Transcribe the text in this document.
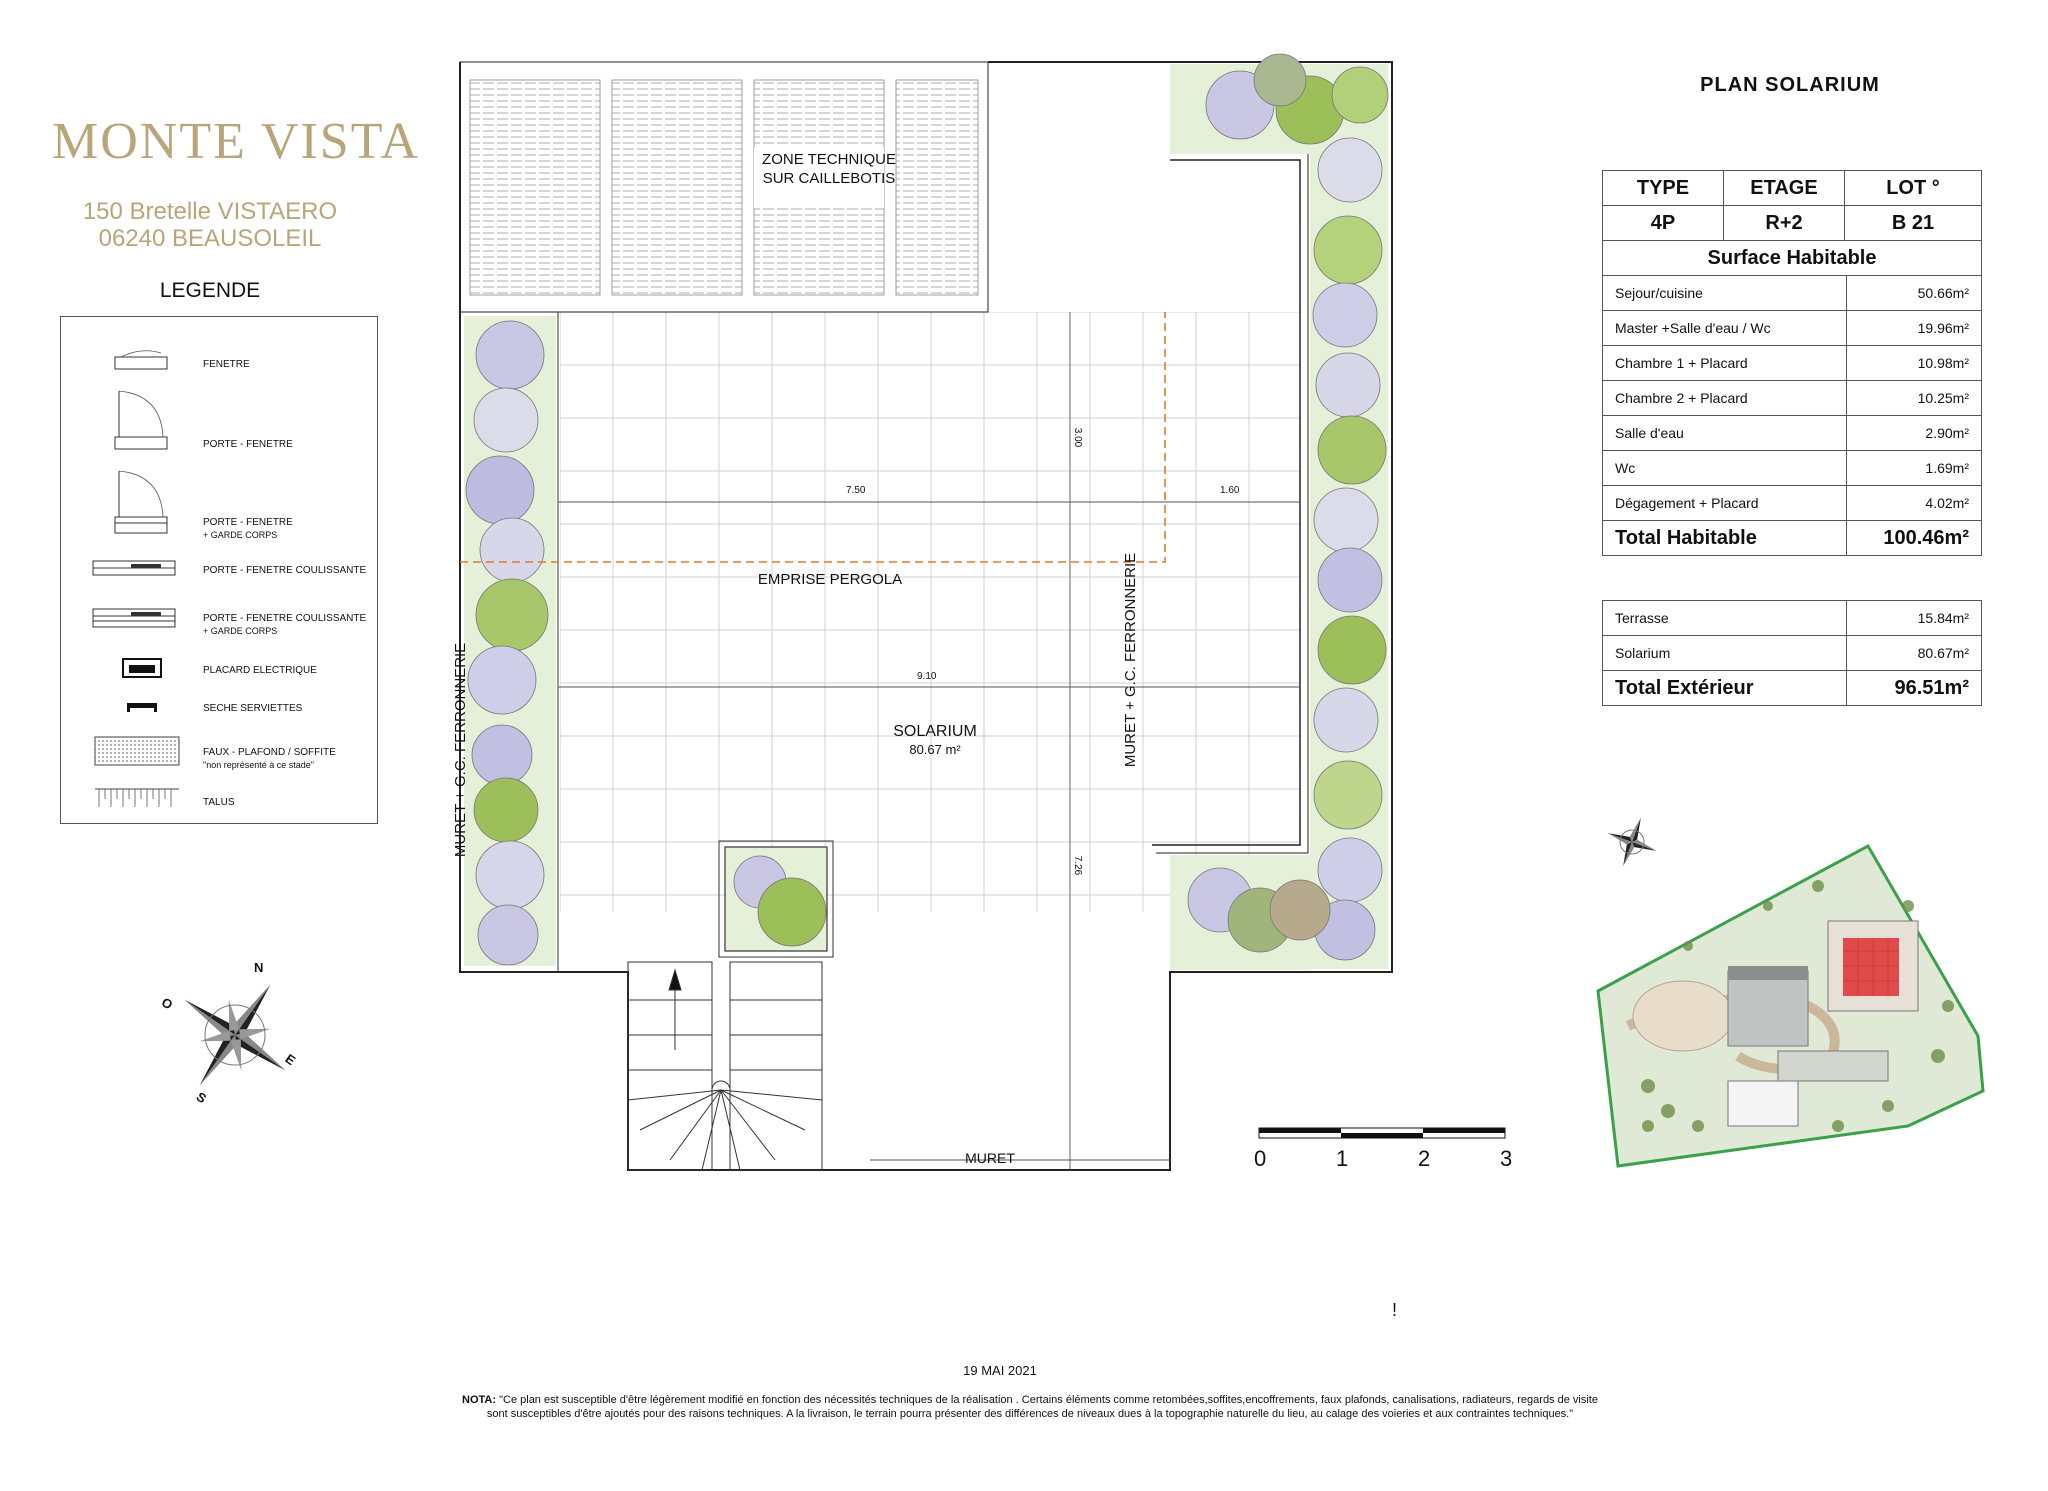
MONTE VISTA
150 Bretelle VISTAERO
06240 BEAUSOLEIL
LEGENDE
FENETRE
PORTE - FENETRE
PORTE - FENETRE
+ GARDE CORPS
PORTE - FENETRE COULISSANTE
PORTE - FENETRE COULISSANTE
+ GARDE CORPS
PLACARD ELECTRIQUE
SECHE SERVIETTES
FAUX - PLAFOND / SOFFITE
"non représenté à ce stade"
TALUS
N
E
S
O
ZONE TECHNIQUE
SUR CAILLEBOTIS
EMPRISE PERGOLA
SOLARIUM
80.67 m²
MURET + G.C. FERRONNERIE	MURET + G.C. FERRONNERIE
MURET
7.50	1.60
9.10
3.00
7.26
0	1	2	3
PLAN SOLARIUM
TYPE	ETAGE	LOT °
4P	R+2	B 21
Surface Habitable	
Sejour/cuisine	50.66m²
Master +Salle d'eau / Wc	19.96m²
Chambre 1 + Placard	10.98m²
Chambre 2 + Placard	10.25m²
Salle d'eau	2.90m²
Wc	1.69m²
Dégagement + Placard	4.02m²
Total Habitable	100.46m²
Terrasse	15.84m²
Solarium	80.67m²
Total Extérieur	96.51m²
!
19 MAI 2021
NOTA: "Ce plan est susceptible d'être légèrement modifié en fonction des nécessités techniques de la réalisation . Certains éléments comme retombées,soffites,encoffrements, faux plafonds, canalisations, radiateurs, regards de visite
sont susceptibles d'être ajoutés pour des raisons techniques. A la livraison, le terrain pourra présenter des différences de niveaux dues à la topographie naturelle du lieu, au calage des voieries et aux contraintes techniques."
